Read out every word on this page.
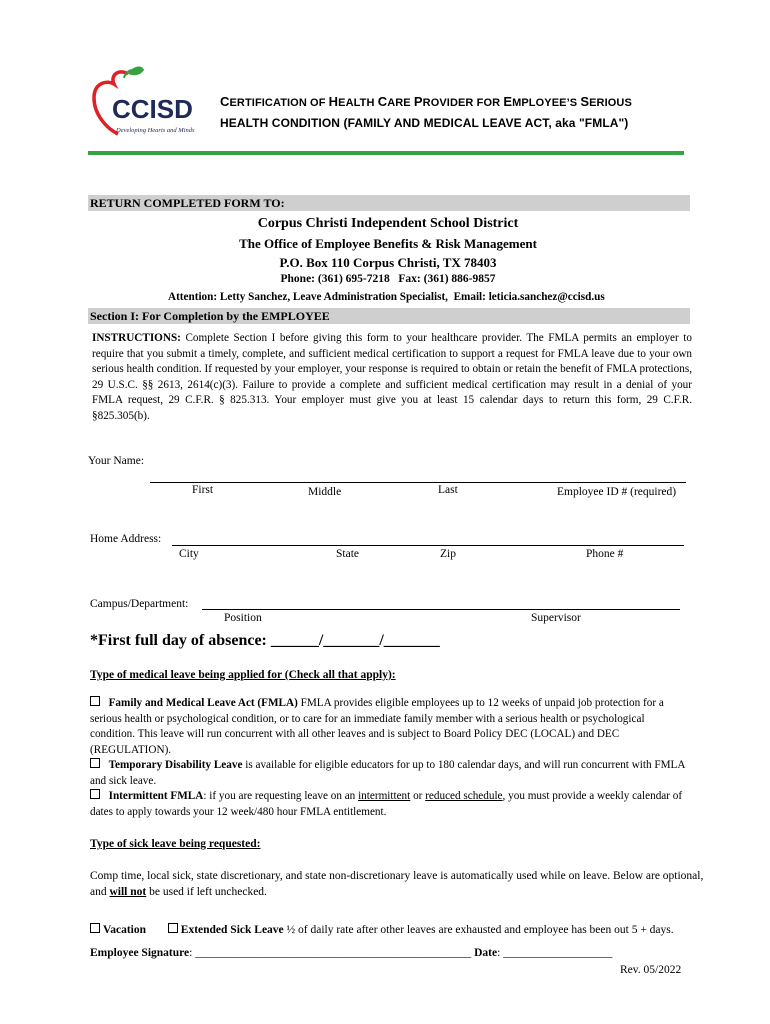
CCISD
Developing Hearts and Minds
CERTIFICATION OF HEALTH CARE PROVIDER FOR EMPLOYEE’S SERIOUS
HEALTH CONDITION (FAMILY AND MEDICAL LEAVE ACT, aka "FMLA")
RETURN COMPLETED FORM TO:
Corpus Christi Independent School District
The Office of Employee Benefits & Risk Management
P.O. Box 110 Corpus Christi, TX 78403
Phone: (361) 695-7218   Fax: (361) 886-9857
Attention: Letty Sanchez, Leave Administration Specialist,  Email: leticia.sanchez@ccisd.us
Section I: For Completion by the EMPLOYEE
INSTRUCTIONS: Complete Section I before giving this form to your healthcare provider. The FMLA permits an employer to require that you submit a timely, complete, and sufficient medical certification to support a request for FMLA leave due to your own serious health condition. If requested by your employer, your response is required to obtain or retain the benefit of FMLA protections, 29 U.S.C. §§ 2613, 2614(c)(3). Failure to provide a complete and sufficient medical certification may result in a denial of your FMLA request, 29 C.F.R. § 825.313. Your employer must give you at least 15 calendar days to return this form, 29 C.F.R. §825.305(b).
Your Name:
First	Middle	Last	Employee ID # (required)
Home Address:
City	State	Zip	Phone #
Campus/Department:
Position	Supervisor
*First full day of absence: ______/_______/_______
Type of medical leave being applied for (Check all that apply):
Family and Medical Leave Act (FMLA) FMLA provides eligible employees up to 12 weeks of unpaid job protection for a serious health or psychological condition, or to care for an immediate family member with a serious health or psychological condition. This leave will run concurrent with all other leaves and is subject to Board Policy DEC (LOCAL) and DEC (REGULATION).
Temporary Disability Leave is available for eligible educators for up to 180 calendar days, and will run concurrent with FMLA and sick leave.
Intermittent FMLA: if you are requesting leave on an intermittent or reduced schedule, you must provide a weekly calendar of dates to apply towards your 12 week/480 hour FMLA entitlement.
Type of sick leave being requested:
Comp time, local sick, state discretionary, and state non-discretionary leave is automatically used while on leave. Below are optional, and will not be used if left unchecked.
Vacation	Extended Sick Leave ½ of daily rate after other leaves are exhausted and employee has been out 5 + days.
Employee Signature: ________________________________________________ Date: ___________________
Rev. 05/2022
